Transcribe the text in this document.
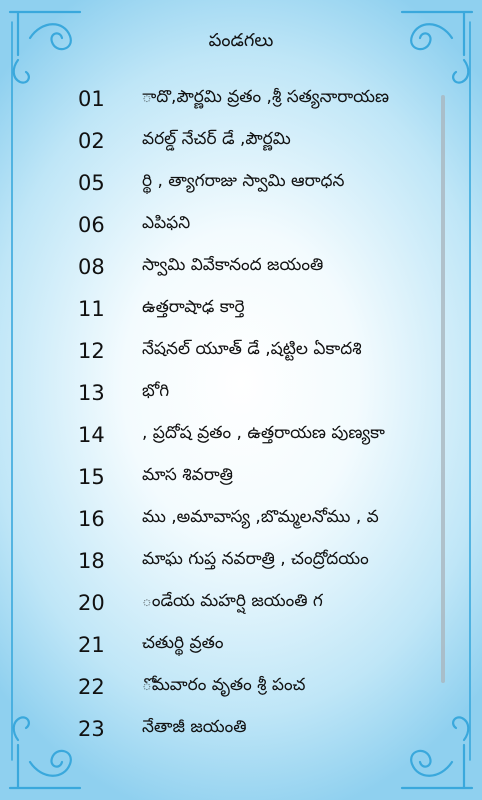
పండగలు
01	ాదొ,పౌర్ణమి వ్రతం ,శ్రీ సత్యనారాయణ
02	వరల్డ్ నేచర్ డే ,పౌర్ణమి
05	ర్థి , త్యాగరాజు స్వామి ఆరాధన
06	ఎపిఫని
08	స్వామి వివేకానంద జయంతి
11	ఉత్తరాషాఢ కార్తె
12	నేషనల్ యూత్ డే ,షట్టిల ఏకాదశి
13	భోగి
14	, ప్రదోష వ్రతం , ఉత్తరాయణ పుణ్యకా
15	మాస శివరాత్రి
16	ము ,అమావాస్య ,బొమ్మలనోము , వ
18	మాఘ గుప్త నవరాత్రి , చంద్రోదయం
20	ండేయ మహర్షి జయంతి గ
21	చతుర్థి వ్రతం
22	ోమవారం వృతం శ్రీ పంచ
23	నేతాజీ జయంతి
